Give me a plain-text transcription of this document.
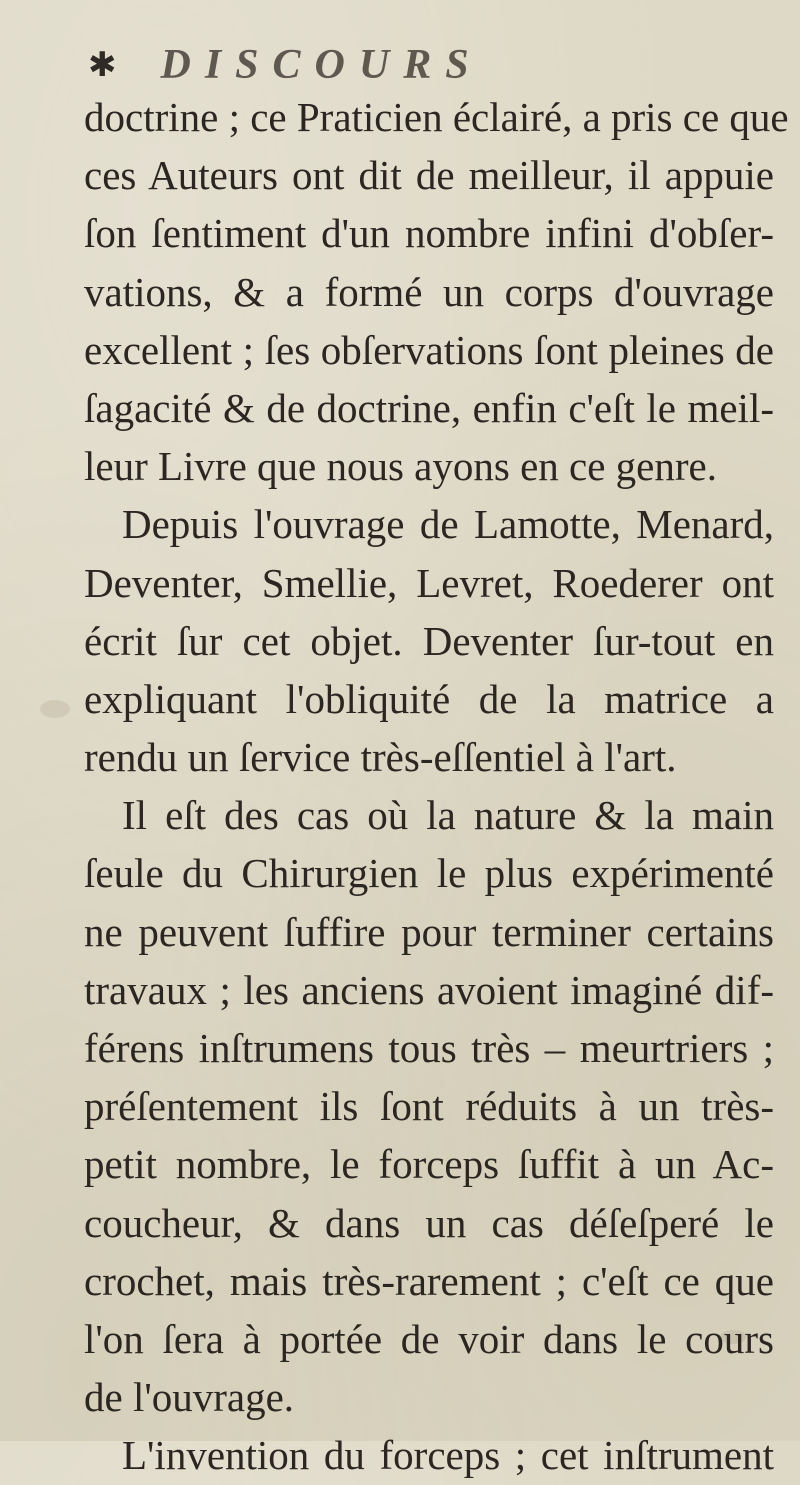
✱ DISCOURS
doctrine ; ce Praticien éclairé, a pris ce que
ces Auteurs ont dit de meilleur, il appuie
ſon ſentiment d'un nombre infini d'obſer-
vations, & a formé un corps d'ouvrage
excellent ; ſes obſervations ſont pleines de
ſagacité & de doctrine, enfin c'eſt le meil-
leur Livre que nous ayons en ce genre.
Depuis l'ouvrage de Lamotte, Menard,
Deventer, Smellie, Levret, Roederer ont
écrit ſur cet objet. Deventer ſur-tout en
expliquant l'obliquité de la matrice a
rendu un ſervice très-eſſentiel à l'art.
Il eſt des cas où la nature & la main
ſeule du Chirurgien le plus expérimenté
ne peuvent ſuffire pour terminer certains
travaux ; les anciens avoient imaginé dif-
férens inſtrumens tous très – meurtriers ;
préſentement ils ſont réduits à un très-
petit nombre, le forceps ſuffit à un Ac-
coucheur, & dans un cas déſeſperé le
crochet, mais très-rarement ; c'eſt ce que
l'on ſera à portée de voir dans le cours
de l'ouvrage.
L'invention du forceps ; cet inſtrument
